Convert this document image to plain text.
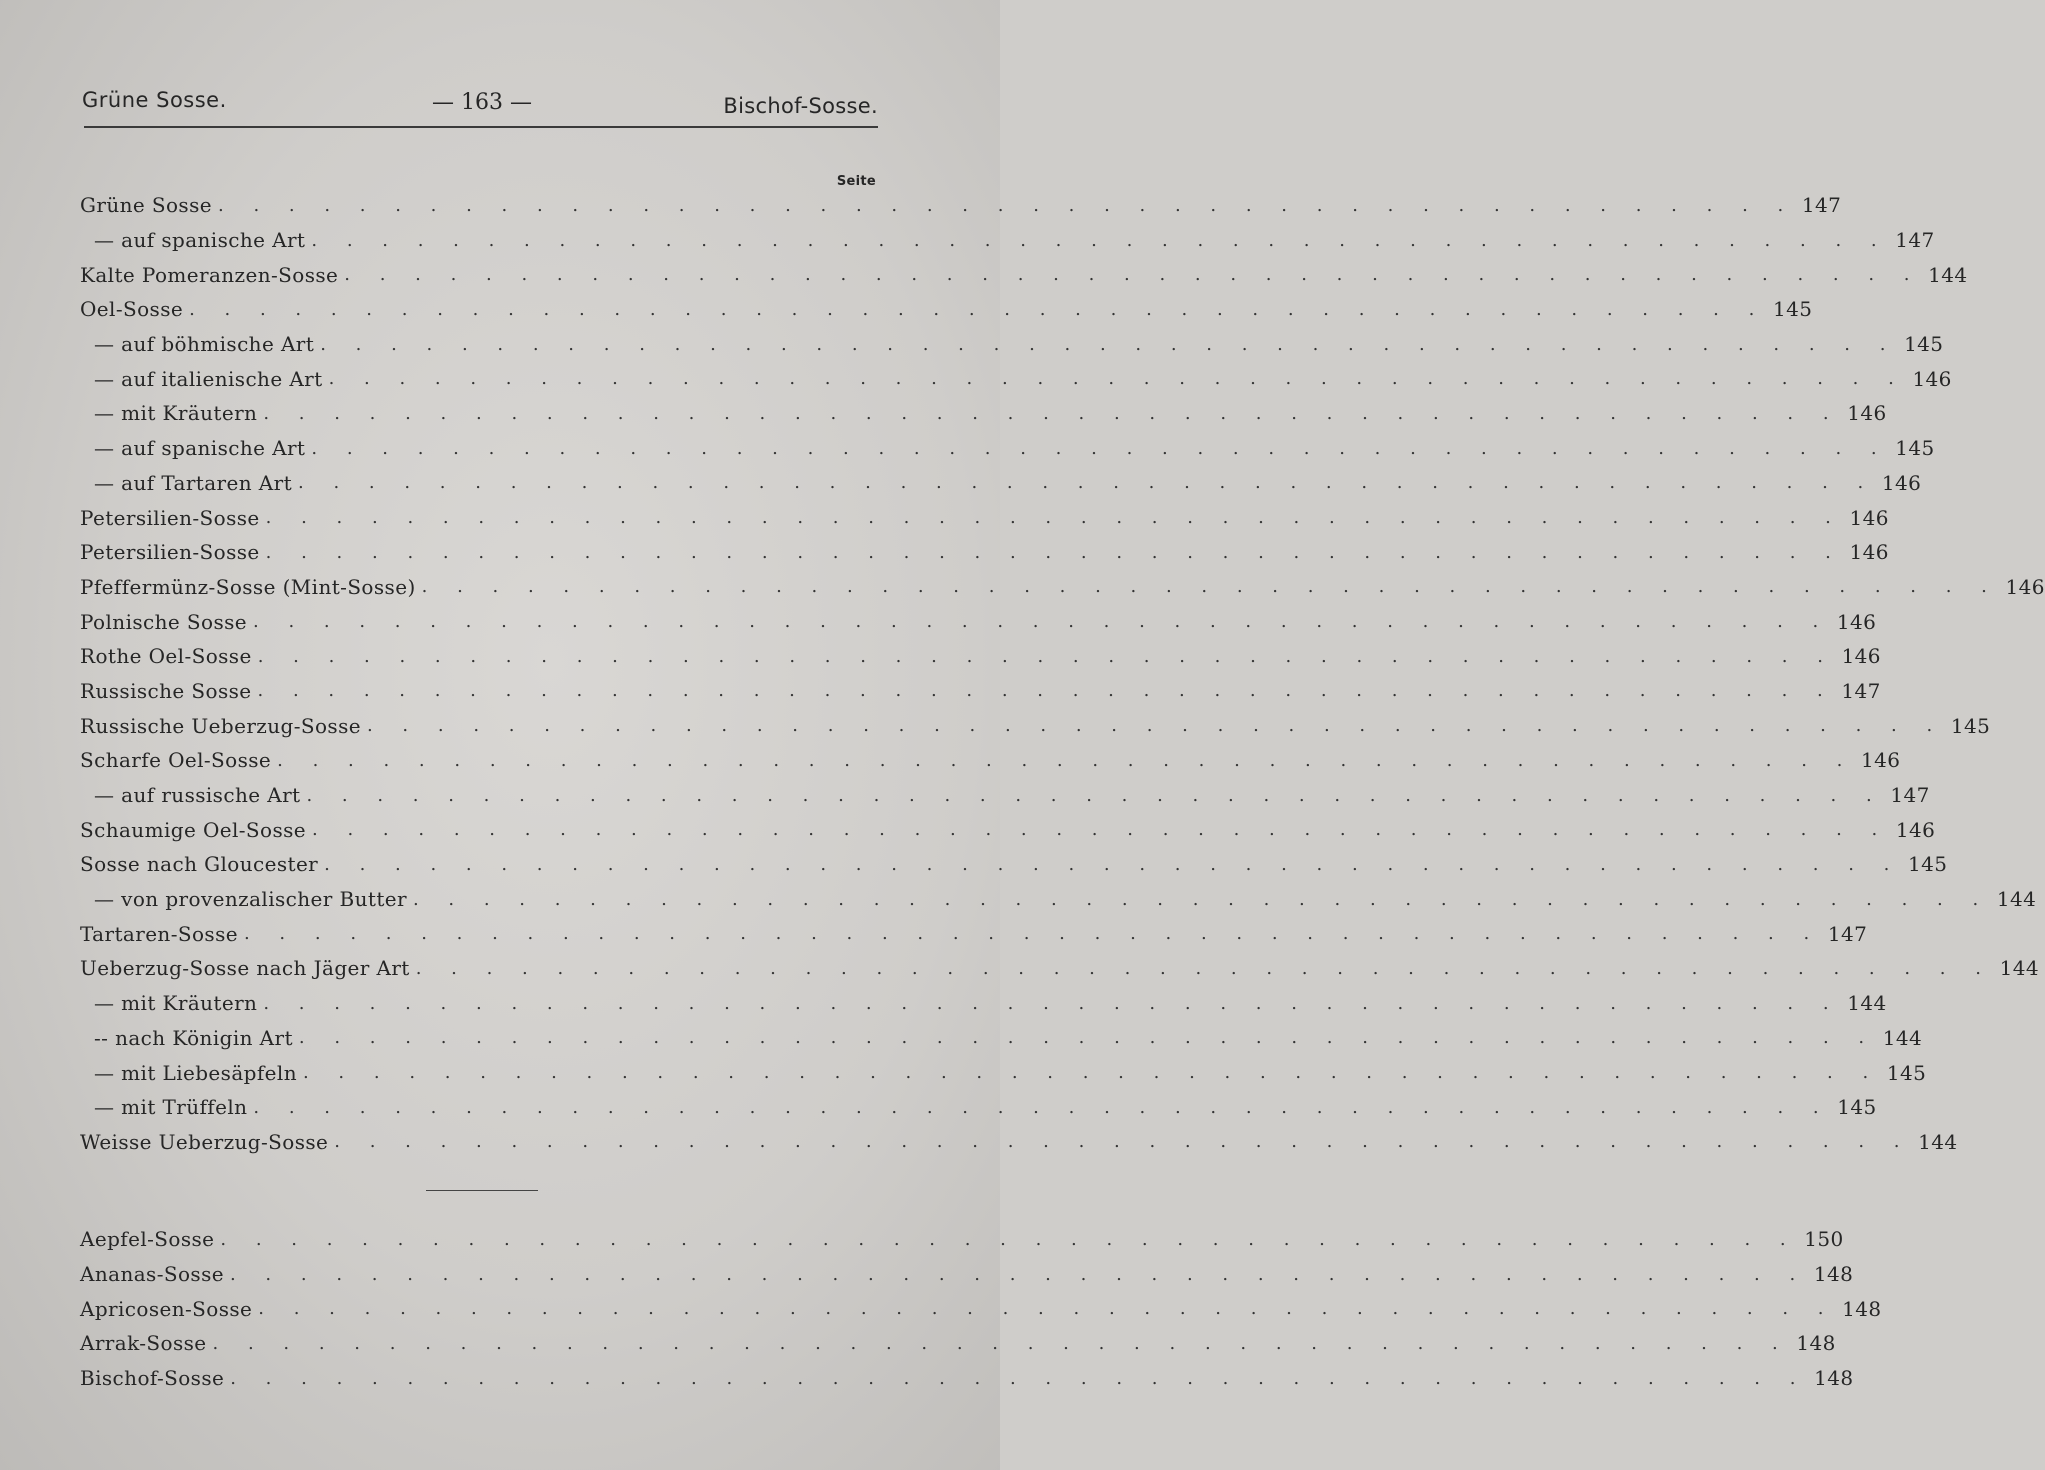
Grüne Sosse.	— 163 —	Bischof-Sosse.
Seite
Grüne Sosse . . . . . . . . . . . . . . . . . . . . . . . . . . . . . . . . . . . . . . . . . . . . . 147
— auf spanische Art . . . . . . . . . . . . . . . . . . . . . . . . . . . . . . . . . . . . . . . . . . . . . 147
Kalte Pomeranzen-Sosse . . . . . . . . . . . . . . . . . . . . . . . . . . . . . . . . . . . . . . . . . . . . . 144
Oel-Sosse . . . . . . . . . . . . . . . . . . . . . . . . . . . . . . . . . . . . . . . . . . . . . 145
— auf böhmische Art . . . . . . . . . . . . . . . . . . . . . . . . . . . . . . . . . . . . . . . . . . . . . 145
— auf italienische Art . . . . . . . . . . . . . . . . . . . . . . . . . . . . . . . . . . . . . . . . . . . . . 146
— mit Kräutern . . . . . . . . . . . . . . . . . . . . . . . . . . . . . . . . . . . . . . . . . . . . . 146
— auf spanische Art . . . . . . . . . . . . . . . . . . . . . . . . . . . . . . . . . . . . . . . . . . . . . 145
— auf Tartaren Art . . . . . . . . . . . . . . . . . . . . . . . . . . . . . . . . . . . . . . . . . . . . . 146
Petersilien-Sosse . . . . . . . . . . . . . . . . . . . . . . . . . . . . . . . . . . . . . . . . . . . . . 146
Petersilien-Sosse . . . . . . . . . . . . . . . . . . . . . . . . . . . . . . . . . . . . . . . . . . . . . 146
Pfeffermünz-Sosse (Mint-Sosse) . . . . . . . . . . . . . . . . . . . . . . . . . . . . . . . . . . . . . . . . . . . . . 146
Polnische Sosse . . . . . . . . . . . . . . . . . . . . . . . . . . . . . . . . . . . . . . . . . . . . . 146
Rothe Oel-Sosse . . . . . . . . . . . . . . . . . . . . . . . . . . . . . . . . . . . . . . . . . . . . . 146
Russische Sosse . . . . . . . . . . . . . . . . . . . . . . . . . . . . . . . . . . . . . . . . . . . . . 147
Russische Ueberzug-Sosse . . . . . . . . . . . . . . . . . . . . . . . . . . . . . . . . . . . . . . . . . . . . . 145
Scharfe Oel-Sosse . . . . . . . . . . . . . . . . . . . . . . . . . . . . . . . . . . . . . . . . . . . . . 146
— auf russische Art . . . . . . . . . . . . . . . . . . . . . . . . . . . . . . . . . . . . . . . . . . . . . 147
Schaumige Oel-Sosse . . . . . . . . . . . . . . . . . . . . . . . . . . . . . . . . . . . . . . . . . . . . . 146
Sosse nach Gloucester . . . . . . . . . . . . . . . . . . . . . . . . . . . . . . . . . . . . . . . . . . . . . 145
— von provenzalischer Butter . . . . . . . . . . . . . . . . . . . . . . . . . . . . . . . . . . . . . . . . . . . . . 144
Tartaren-Sosse . . . . . . . . . . . . . . . . . . . . . . . . . . . . . . . . . . . . . . . . . . . . . 147
Ueberzug-Sosse nach Jäger Art . . . . . . . . . . . . . . . . . . . . . . . . . . . . . . . . . . . . . . . . . . . . . 144
— mit Kräutern . . . . . . . . . . . . . . . . . . . . . . . . . . . . . . . . . . . . . . . . . . . . . 144
-- nach Königin Art . . . . . . . . . . . . . . . . . . . . . . . . . . . . . . . . . . . . . . . . . . . . . 144
— mit Liebesäpfeln . . . . . . . . . . . . . . . . . . . . . . . . . . . . . . . . . . . . . . . . . . . . . 145
— mit Trüffeln . . . . . . . . . . . . . . . . . . . . . . . . . . . . . . . . . . . . . . . . . . . . . 145
Weisse Ueberzug-Sosse . . . . . . . . . . . . . . . . . . . . . . . . . . . . . . . . . . . . . . . . . . . . . 144
Aepfel-Sosse . . . . . . . . . . . . . . . . . . . . . . . . . . . . . . . . . . . . . . . . . . . . . 150
Ananas-Sosse . . . . . . . . . . . . . . . . . . . . . . . . . . . . . . . . . . . . . . . . . . . . . 148
Apricosen-Sosse . . . . . . . . . . . . . . . . . . . . . . . . . . . . . . . . . . . . . . . . . . . . . 148
Arrak-Sosse . . . . . . . . . . . . . . . . . . . . . . . . . . . . . . . . . . . . . . . . . . . . . 148
Bischof-Sosse . . . . . . . . . . . . . . . . . . . . . . . . . . . . . . . . . . . . . . . . . . . . . 148
